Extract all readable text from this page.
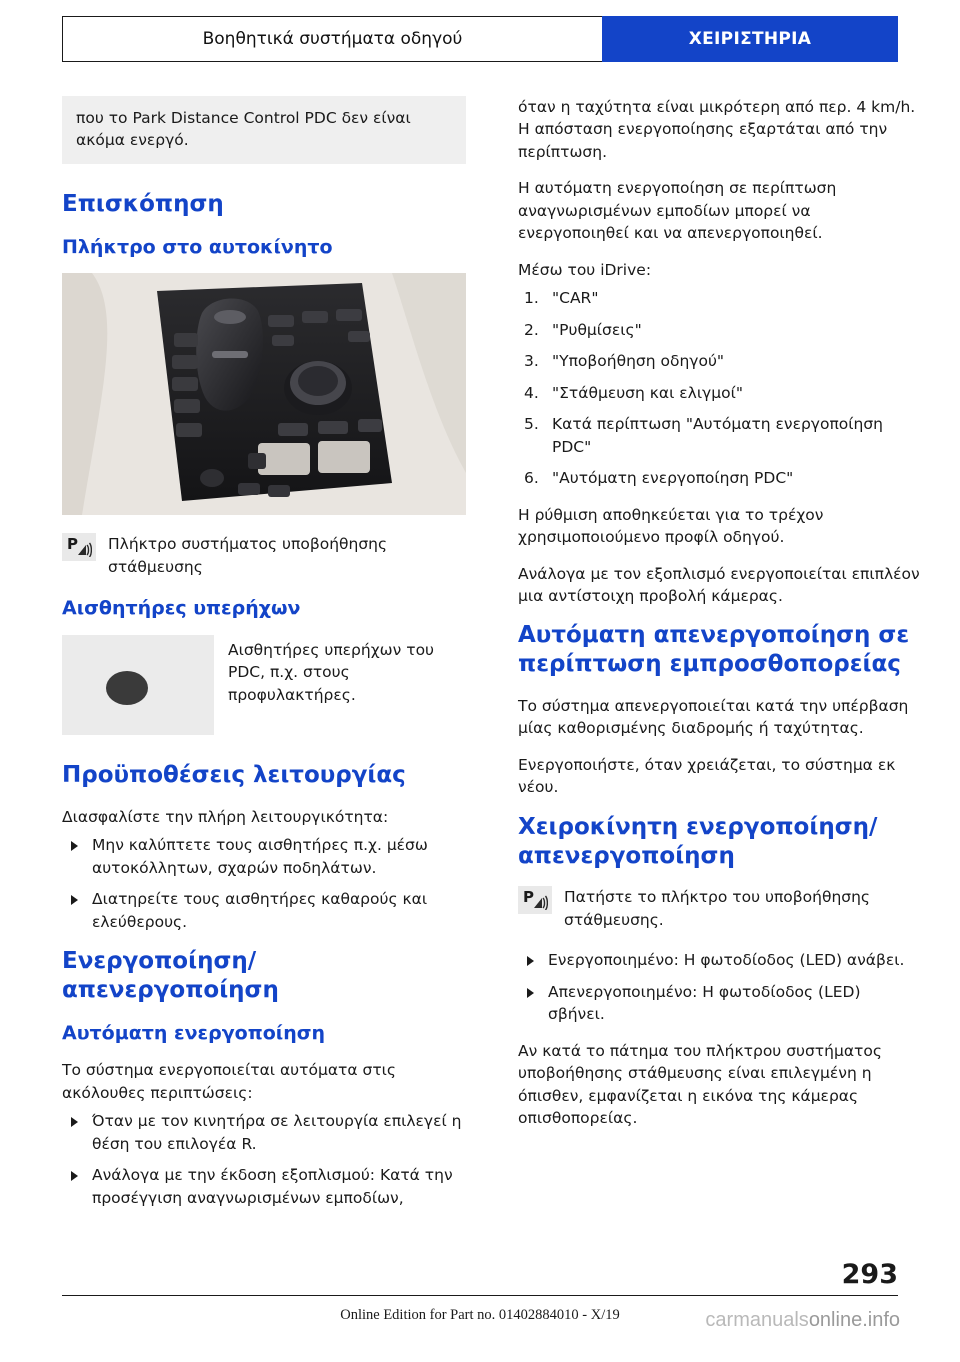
Βοηθητικά συστήματα οδηγού	ΧΕΙΡΙΣΤΗΡΙΑ
που το Park Distance Control PDC δεν είναι ακόμα ενεργό.
Επισκόπηση
Πλήκτρο στο αυτοκίνητο
P Πλήκτρο συστήματος υποβοήθησης στάθμευσης
Αισθητήρες υπερήχων
Αισθητήρες υπερήχων του PDC, π.χ. στους προφυλακτήρες.
Προϋποθέσεις λειτουργίας

Διασφαλίστε την πλήρη λειτουργικότητα:

Μην καλύπτετε τους αισθητήρες π.χ. μέσω αυτοκόλλητων, σχαρών ποδηλάτων.
Διατηρείτε τους αισθητήρες καθαρούς και ελεύθερους.
Ενεργοποίηση/απενεργοποίηση
Αυτόματη ενεργοποίηση

Το σύστημα ενεργοποιείται αυτόματα στις ακόλουθες περιπτώσεις:

Όταν με τον κινητήρα σε λειτουργία επιλεγεί η θέση του επιλογέα R.
Ανάλογα με την έκδοση εξοπλισμού: Κατά την προσέγγιση αναγνωρισμένων εμποδίων,

όταν η ταχύτητα είναι μικρότερη από περ. 4 km/h. Η απόσταση ενεργοποίησης εξαρτάται από την περίπτωση.

Η αυτόματη ενεργοποίηση σε περίπτωση αναγνωρισμένων εμποδίων μπορεί να ενεργοποιηθεί και να απενεργοποιηθεί.

Μέσω του iDrive:

"CAR"
"Ρυθμίσεις"
"Υποβοήθηση οδηγού"
"Στάθμευση και ελιγμοί"
Κατά περίπτωση "Αυτόματη ενεργοποίηση PDC"
"Αυτόματη ενεργοποίηση PDC"

Η ρύθμιση αποθηκεύεται για το τρέχον χρησιμοποιούμενο προφίλ οδηγού.

Ανάλογα με τον εξοπλισμό ενεργοποιείται επιπλέον μια αντίστοιχη προβολή κάμερας.

Αυτόματη απενεργοποίηση σε περίπτωση εμπροσθοπορείας

Το σύστημα απενεργοποιείται κατά την υπέρβαση μίας καθορισμένης διαδρομής ή ταχύτητας.

Ενεργοποιήστε, όταν χρειάζεται, το σύστημα εκ νέου.

Χειροκίνητη ενεργοποίηση/απενεργοποίηση
P Πατήστε το πλήκτρο του υποβοήθησης στάθμευσης.
Ενεργοποιημένο: Η φωτοδίοδος (LED) ανάβει.
Απενεργοποιημένο: Η φωτοδίοδος (LED) σβήνει.

Αν κατά το πάτημα του πλήκτρου συστήματος υποβοήθησης στάθμευσης είναι επιλεγμένη η όπισθεν, εμφανίζεται η εικόνα της κάμερας οπισθοπορείας.

293
Online Edition for Part no. 01402884010 - X/19	carmanualsonline.info
